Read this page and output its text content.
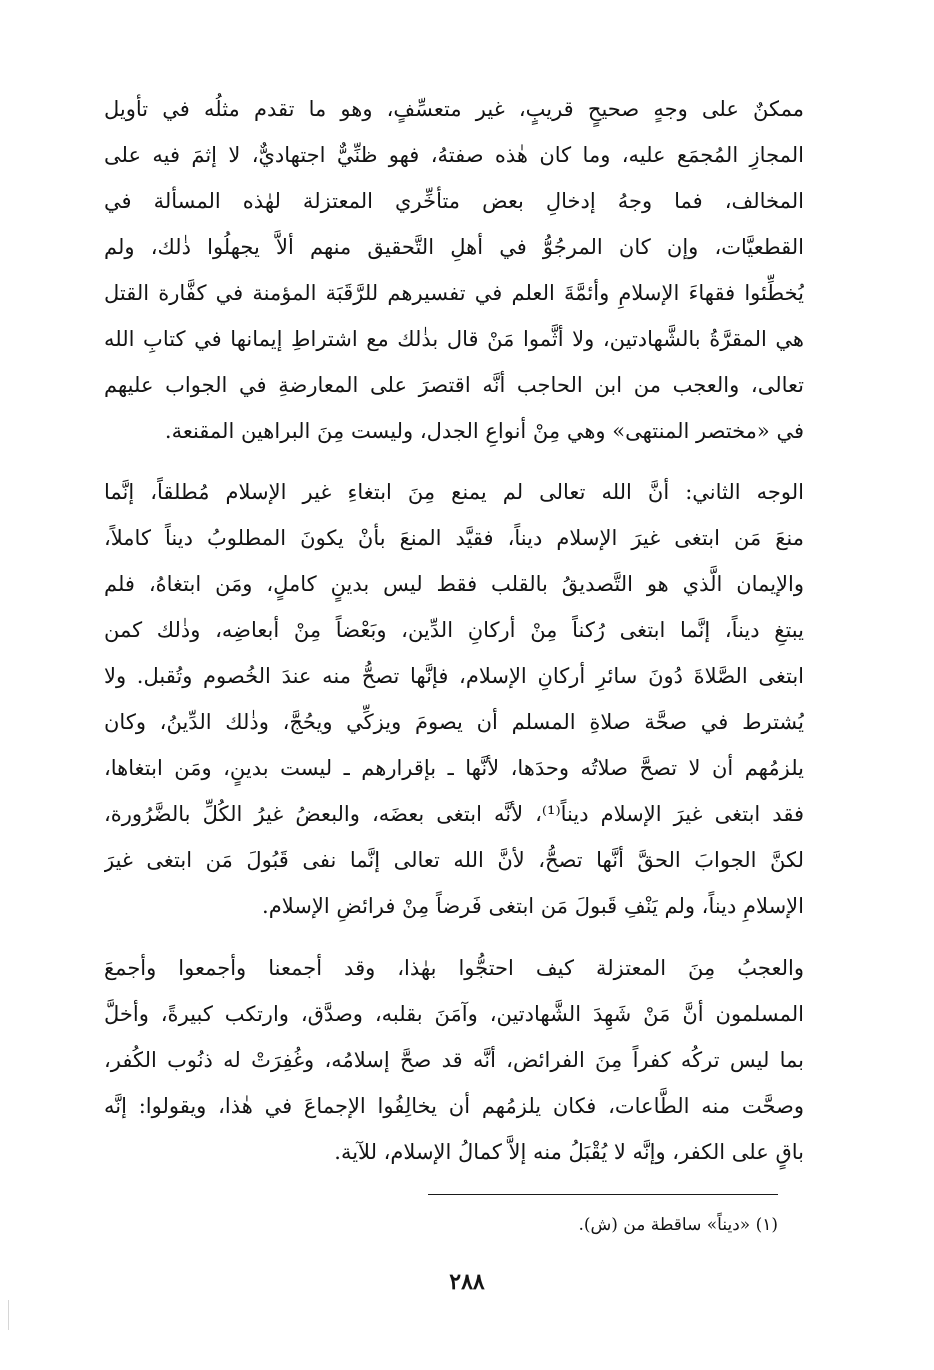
ممكنٌ على وجهٍ صحيحٍ قريبٍ، غير متعسِّفٍ، وهو ما تقدم مثلُه في تأويل
المجازِ المُجمَع عليه، وما كان هٰذه صفتهُ، فهو ظنِّيٌّ اجتهاديٌّ، لا إثمَ فيه على
المخالف، فما وجهُ إدخالِ بعض متأخِّري المعتزلة لهٰذه المسألة في
القطعيَّات، وإن كان المرجُوُّ في أهلِ التَّحقيق منهم ألاَّ يجهلُوا ذٰلك، ولم
يُخطِّئوا فقهاءَ الإسلامِ وأئمَّةَ العلم في تفسيرهم للرَّقَبَة المؤمنة في كفَّارة القتل
هي المقرَّةُ بالشَّهادتين، ولا أثَّموا مَنْ قال بذٰلك مع اشتراطِ إيمانها في كتابِ الله
تعالى، والعجب من ابن الحاجب أنَّه اقتصرَ على المعارضةِ في الجواب عليهم
في «مختصر المنتهى» وهي مِنْ أنواعِ الجدل، وليست مِنَ البراهين المقنعة.
الوجه الثاني: أنَّ الله تعالى لم يمنع مِنَ ابتغاءِ غير الإسلام مُطلقاً، إنَّما
منعَ مَن ابتغى غيرَ الإسلام ديناً، فقيَّد المنعَ بأنْ يكونَ المطلوبُ ديناً كاملاً،
والإيمان الَّذي هو التَّصديقُ بالقلب فقط ليس بدينٍ كاملٍ، ومَن ابتغاهُ، فلم
يبتغِ ديناً، إنَّما ابتغى رُكناً مِنْ أركانِ الدِّين، وبَعْضاً مِنْ أبعاضِه، وذٰلك كمن
ابتغى الصَّلاةَ دُونَ سائرِ أركانِ الإسلام، فإنَّها تصحُّ منه عندَ الخُصوم وتُقبل. ولا
يُشترط في صحَّة صلاةِ المسلم أن يصومَ ويزكِّي ويحُجَّ، وذٰلك الدِّينُ، وكان
يلزمُهم أن لا تصحَّ صلاتُه وحدَها، لأنَّها ـ بإقرارهم ـ ليست بدينٍ، ومَن ابتغاها،
فقد ابتغى غيرَ الإسلام ديناً⁽¹⁾، لأنَّه ابتغى بعضَه، والبعضُ غيرُ الكُلِّ بالضَّرُورة،
لكنَّ الجوابَ الحقَّ أنَّها تصحُّ، لأنَّ الله تعالى إنَّما نفى قَبُولَ مَن ابتغى غيرَ
الإسلامِ ديناً، ولم يَنْفِ قَبولَ مَن ابتغى فَرضاً مِنْ فرائضِ الإسلام.
والعجبُ مِنَ المعتزلة كيف احتجُّوا بهٰذا، وقد أجمعنا وأجمعوا وأجمعَ
المسلمون أنَّ مَنْ شَهِدَ الشَّهادتين، وآمَنَ بقلبه، وصدَّق، وارتكب كبيرةً، وأخلَّ
بما ليس تركُه كفراً مِنَ الفرائض، أنَّه قد صحَّ إسلامُه، وغُفِرَتْ له ذنُوب الكُفر،
وصحَّت منه الطَّاعات، فكان يلزمُهم أن يخالِفُوا الإجماعَ في هٰذا، ويقولوا: إنَّه
باقٍ على الكفر، وإنَّه لا يُقْبَلُ منه إلاَّ كمالُ الإسلام، للآية.
(١) «ديناً» ساقطة من (ش).
٢٨٨
